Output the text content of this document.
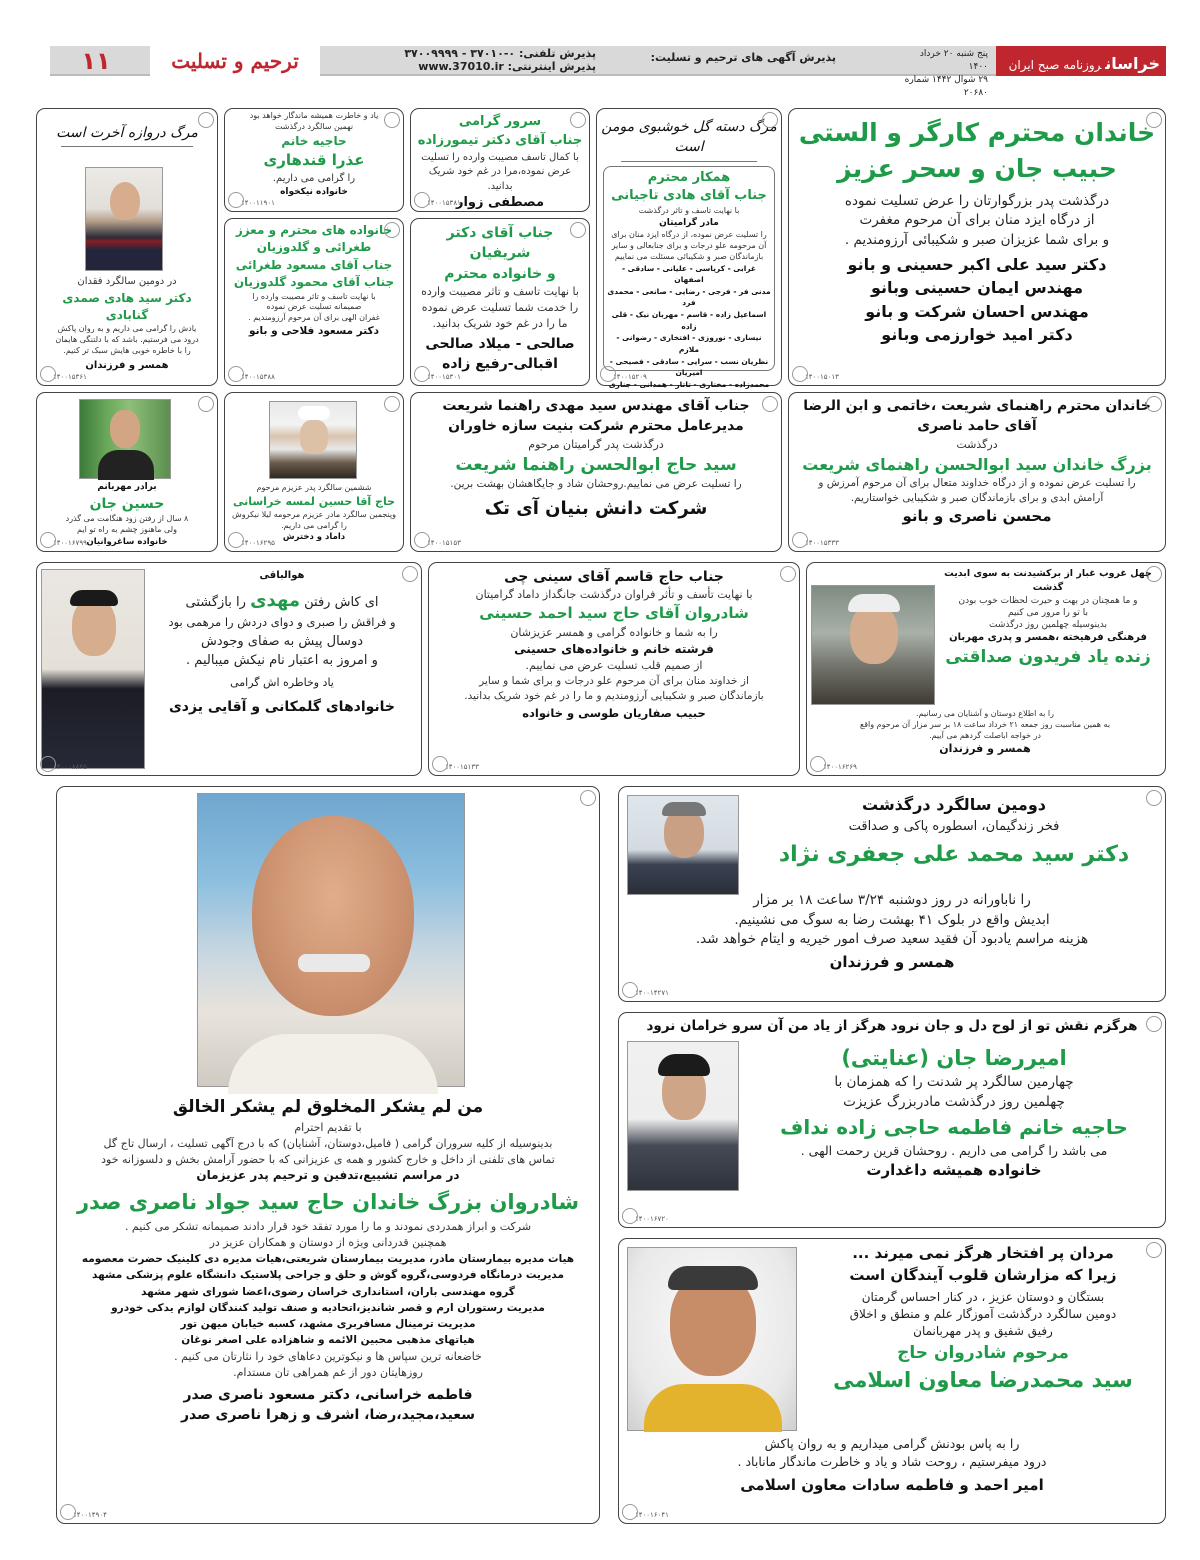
خراسانروزنامه صبح ایران
پنج شنبه ۲۰ خرداد ۱۴۰۰
۲۹ شوال ۱۴۴۲ شماره ۲۰۶۸۰
پذیرش آگهی های ترحیم و تسلیت:
پذیرش تلفنی: ۰-۳۷۰۱۰ - ۳۷۰۰۹۹۹۹
پذیرش اینترنتی: www.37010.ir
ترحیم و تسلیت
۱۱
خاندان محترم کارگر و الستی
حبیب جان و سحر عزیز
درگذشت پدر بزرگوارتان را عرض تسلیت نموده
از درگاه ایزد منان برای آن مرحوم مغفرت
و برای شما عزیزان صبر و شکیبائی آرزومندیم .
دکتر سید علی اکبر حسینی و بانو
مهندس ایمان حسینی وبانو
مهندس احسان شرکت و بانو
دکتر امید خوارزمی وبانو
۱۴۰۰۱۵۰۱۳
مرگ دسته گل خوشبوی مومن است
همکار محترم
جناب آقای هادی تاجیانی
با نهایت تاسف و تاثر درگذشت
مادر گرامیتان
را تسلیت عرض نموده، از درگاه ایزد منان برای آن مرحومه علو درجات و برای جنابعالی و سایر بازماندگان صبر و شکیبائی مسئلت می نماییم
غرابی - کریاسی - علیانی - سادقی - اصفهان
مدنی فر - فرجی - رضایی - صانعی - محمدی فرد
اسماعیل زاده - قاسم - مهربان نیک - قلی زاده
نیساری - نوروزی - افتخاری - رضوانی - ملازم
نظریان نسب - سرایی - سادقی - فصیحی - امیریان
محمدزاده - مختاری - تاتار - همدانی - جناری
۱۴۰۰۱۵۲۰۹
سرور گرامی
جناب آقای دکتر تیمورزاده
با کمال تاسف مصیبت وارده را تسلیت
عرض نموده،مرا در غم خود شریک بدانید.
مصطفی زوار
۱۴۰۰۱۵۳۸۱
جناب آقای دکتر شریفیان
و خانواده محترم
با نهایت تاسف و تاثر مصیبت وارده
را خدمت شما تسلیت عرض نموده
ما را در غم خود شریک بدانید.
صالحی - میلاد صالحی
اقبالی-رفیع زاده
۱۴۰۰۱۵۳۰۱
یاد و خاطرت همیشه ماندگار خواهد بود
نهمین سالگرد درگذشت
حاجیه خانم
عذرا قندهاری
را گرامی می داریم.
خانواده نیکخواه
۱۴۰۰۱۱۹۰۱
خانواده های محترم و معزز
طغرائی و گلدوزیان
جناب آقای مسعود طغرائی
جناب آقای محمود گلدوزیان
با نهایت تاسف و تاثر مصیبت وارده را
صمیمانه تسلیت عرض نموده
غفران الهی برای آن مرحوم آرزومندیم .
دکتر مسعود فلاحی و بانو
۱۴۰۰۱۵۳۸۸
مرگ دروازه آخرت است
در دومین سالگرد فقدان
دکتر سید هادی صمدی گنابادی
یادش را گرامی می داریم و به روان پاکش
درود می فرستیم. باشد که با دلتنگی هایمان
را با خاطره خوبی هایش سبک تر کنیم.
همسر و فرزندان
۱۴۰۰۱۵۳۶۱
خاندان محترم راهنمای شریعت ،خاتمی و ابن الرضا
آقای حامد ناصری
درگذشت
بزرگ خاندان سید ابوالحسن راهنمای شریعت
را تسلیت عرض نموده و از درگاه خداوند متعال برای آن مرحوم آمرزش و
آرامش ابدی و برای بازماندگان صبر و شکیبایی خواستاریم.
محسن ناصری و بانو
۱۴۰۰۱۵۳۳۳
جناب آقای مهندس سید مهدی راهنما شریعت
مدیرعامل محترم شرکت بنیت سازه خاوران
درگذشت پدر گرامیتان مرحوم
سید حاج ابوالحسن راهنما شریعت
را تسلیت عرض می نماییم.روحشان شاد و جایگاهشان بهشت برین.
شرکت دانش بنیان آی تک
۱۴۰۰۱۵۱۵۳
ششمین سالگرد پدر عزیزم مرحوم
حاج آقا حسین لمسه خراسانی
وپنجمین سالگرد مادر عزیزم مرحومه لیلا نیکروش
را گرامی می داریم.
داماد و دخترش
۱۴۰۰۱۶۲۹۵
برادر مهربانم
حسین جان
۸ سال از رفتن زود هنگامت می گذرد
ولی ماهنوز چشم به راه تو ایم
خانواده ساغروانیان
۱۴۰۰۱۶۷۹۹
چهل غروب غبار از برکشیدنت به سوی ابدیت گذشت
و ما همچنان در بهت و حیرت لحظات خوب بودن
با تو را مرور می کنیم
بدینوسیله چهلمین روز درگذشت
فرهنگی فرهیخته ،همسر و پدری مهربان
زنده یاد فریدون صداقتی
را به اطلاع دوستان و آشنایان می رسانیم.
به همین مناسبت روز جمعه ۲۱ خرداد ساعت ۱۸ بر سر مزار آن مرحوم واقع
در خواجه اباصلت گردهم می آییم.
همسر و فرزندان
۱۴۰۰۱۶۲۶۹
جناب حاج قاسم آقای سینی چی
با نهایت تأسف و تأثر فراوان درگذشت جانگداز داماد گرامیتان
شادروان آقای حاج سید احمد حسینی
را به شما و خانواده گرامی و همسر عزیزشان
فرشته خانم و خانواده‌های حسینی
از صمیم قلب تسلیت عرض می نماییم.
از خداوند منان برای آن مرحوم علو درجات و برای شما و سایر
بازماندگان صبر و شکیبایی آرزومندیم و ما را در غم خود شریک بدانید.
حبیب صفاریان طوسی و خانواده
۱۴۰۰۱۵۱۳۳
هوالباقی
ای کاش رفتن مهدی را بازگشتی
و فراقش را صبری و دوای دردش را مرهمی بود
دوسال پیش به صفای وجودش
و امروز به اعتبار نام نیکش میبالیم .
یاد وخاطره اش گرامی
خانوادهای گلمکانی و آقایی یزدی
۱۴۰۰۰۸۸۲۵
من لم یشکر المخلوق لم یشکر الخالق
با تقدیم احترام
بدینوسیله از کلیه سروران گرامی ( فامیل،دوستان، آشنایان) که با درج آگهی تسلیت ، ارسال تاج گل
تماس های تلفنی از داخل و خارج کشور و همه ی عزیزانی که با حضور آرامش بخش و دلسوزانه خود
در مراسم تشییع،تدفین و ترحیم پدر عزیزمان
شادروان بزرگ خاندان حاج سید جواد ناصری صدر
شرکت و ابراز همدردی نمودند و ما را مورد تفقد خود قرار دادند صمیمانه تشکر می کنیم .
همچنین قدردانی ویژه از دوستان و همکاران عزیز در
هیات مدیره بیمارستان مادر، مدیریت بیمارستان شریعتی،هیات مدیره دی کلینیک حضرت معصومه
مدیریت درمانگاه فردوسی،گروه گوش و حلق و جراحی پلاستیک دانشگاه علوم پزشکی مشهد
گروه مهندسی باران، استانداری خراسان رضوی،اعضا شورای شهر مشهد
مدیریت رستوران ارم و قصر شاندیز،اتحادیه و صنف تولید کنندگان لوازم یدکی خودرو
مدیریت ترمینال مسافربری مشهد، کسبه خیابان میهن تور
هیاتهای مذهبی محبین الائمه و شاهزاده علی اصغر نوغان
خاضعانه ترین سپاس ها و نیکوترین دعاهای خود را نثارتان می کنیم .
روزهایتان دور از غم همراهی تان مستدام.
فاطمه خراسانی، دکتر مسعود ناصری صدر
سعید،مجید،رضا، اشرف و زهرا ناصری صدر
۱۴۰۰۱۴۹۰۴
دومین سالگرد درگذشت
فخر زندگیمان، اسطوره پاکی و صداقت
دکتر سید محمد علی جعفری نژاد
را ناباورانه در روز دوشنبه ۳/۲۴ ساعت ۱۸ بر مزار
ابدیش واقع در بلوک ۴۱ بهشت رضا به سوگ می نشینیم.
هزینه مراسم یادبود آن فقید سعید صرف امور خیریه و ایتام خواهد شد.
همسر و فرزندان
۱۴۰۰۱۴۲۷۱
هرگزم نقش تو از لوح دل و جان نرود هرگز از یاد من آن سرو خرامان نرود
امیررضا جان (عنایتی)
چهارمین سالگرد پر شدنت را که همزمان با
چهلمین روز درگذشت مادربزرگ عزیزت
حاجیه خانم فاطمه حاجی زاده نداف
می باشد را گرامی می داریم . روحشان قرین رحمت الهی .
خانواده همیشه داغدارت
۱۴۰۰۱۶۷۲۰
مردان پر افتخار هرگز نمی میرند ...
زیرا که مزارشان قلوب آیندگان است
بستگان و دوستان عزیز ، در کنار احساس گرمتان
دومین سالگرد درگذشت آموزگار علم و منطق و اخلاق
رفیق شفیق و پدر مهربانمان
مرحوم شادروان حاج
سید محمدرضا معاون اسلامی
را به پاس بودنش گرامی میداریم و به روان پاکش
درود میفرستیم ، روحت شاد و یاد و خاطرت ماندگار ماناباد .
امیر احمد و فاطمه سادات معاون اسلامی
۱۴۰۰۱۶۰۴۱
